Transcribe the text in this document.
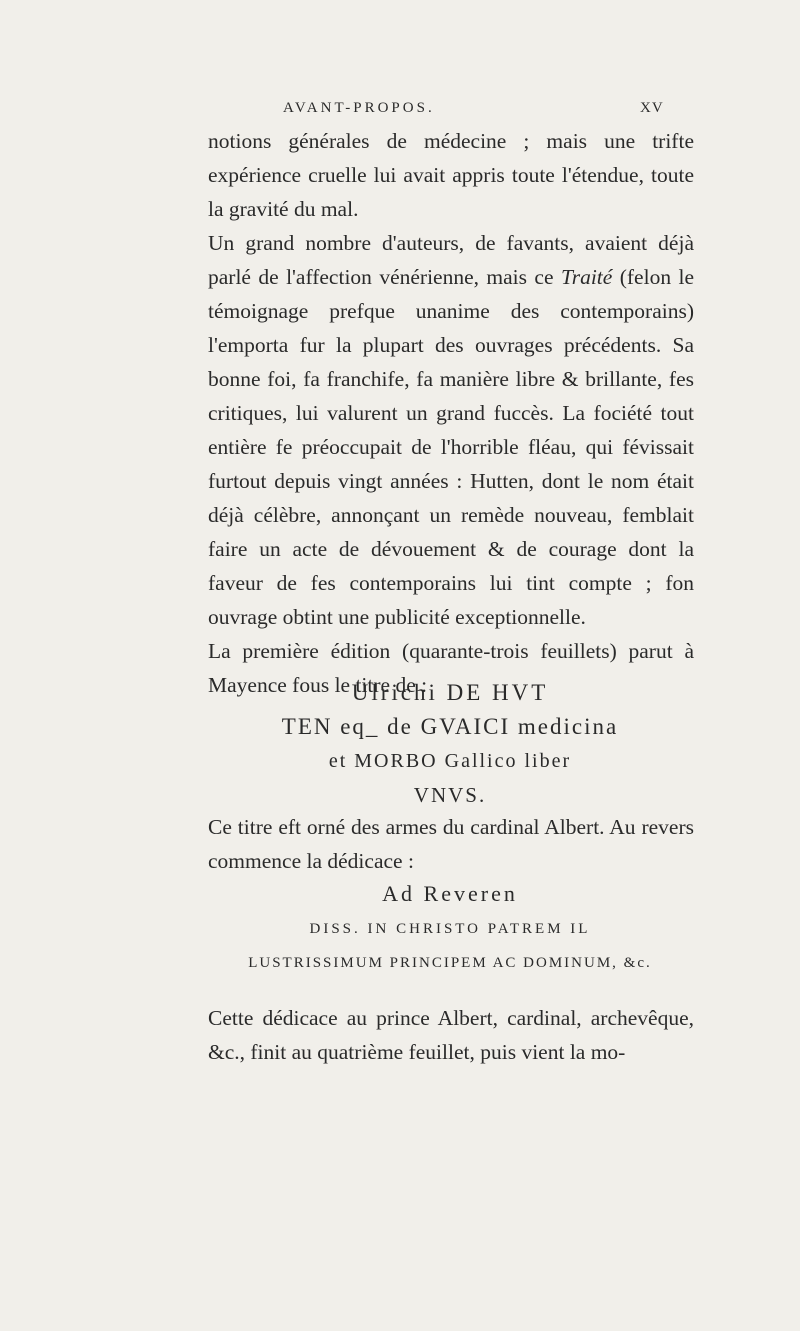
AVANT-PROPOS.	XV

notions générales de médecine ; mais une trifte expérience cruelle lui avait appris toute l'étendue, toute la gravité du mal.

Un grand nombre d'auteurs, de favants, avaient déjà parlé de l'affection vénérienne, mais ce Traité (felon le témoignage prefque unanime des contemporains) l'emporta fur la plupart des ouvrages précédents. Sa bonne foi, fa franchife, fa manière libre & brillante, fes critiques, lui valurent un grand fuccès. La fociété tout entière fe préoccupait de l'horrible fléau, qui févissait furtout depuis vingt années : Hutten, dont le nom était déjà célèbre, annonçant un remède nouveau, femblait faire un acte de dévouement & de courage dont la faveur de fes contemporains lui tint compte ; fon ouvrage obtint une publicité exceptionnelle.

La première édition (quarante-trois feuillets) parut à Mayence fous le titre de :

Ulrichi DE HVT
TEN eq_ de GVAICI medicina
et MORBO Gallico liber
VNVS.

Ce titre eft orné des armes du cardinal Albert. Au revers commence la dédicace :

Ad Reveren
DISS. IN CHRISTO PATREM IL
LUSTRISSIMUM PRINCIPEM AC DOMINUM, &c.

Cette dédicace au prince Albert, cardinal, archevêque, &c., finit au quatrième feuillet, puis vient la mo-
